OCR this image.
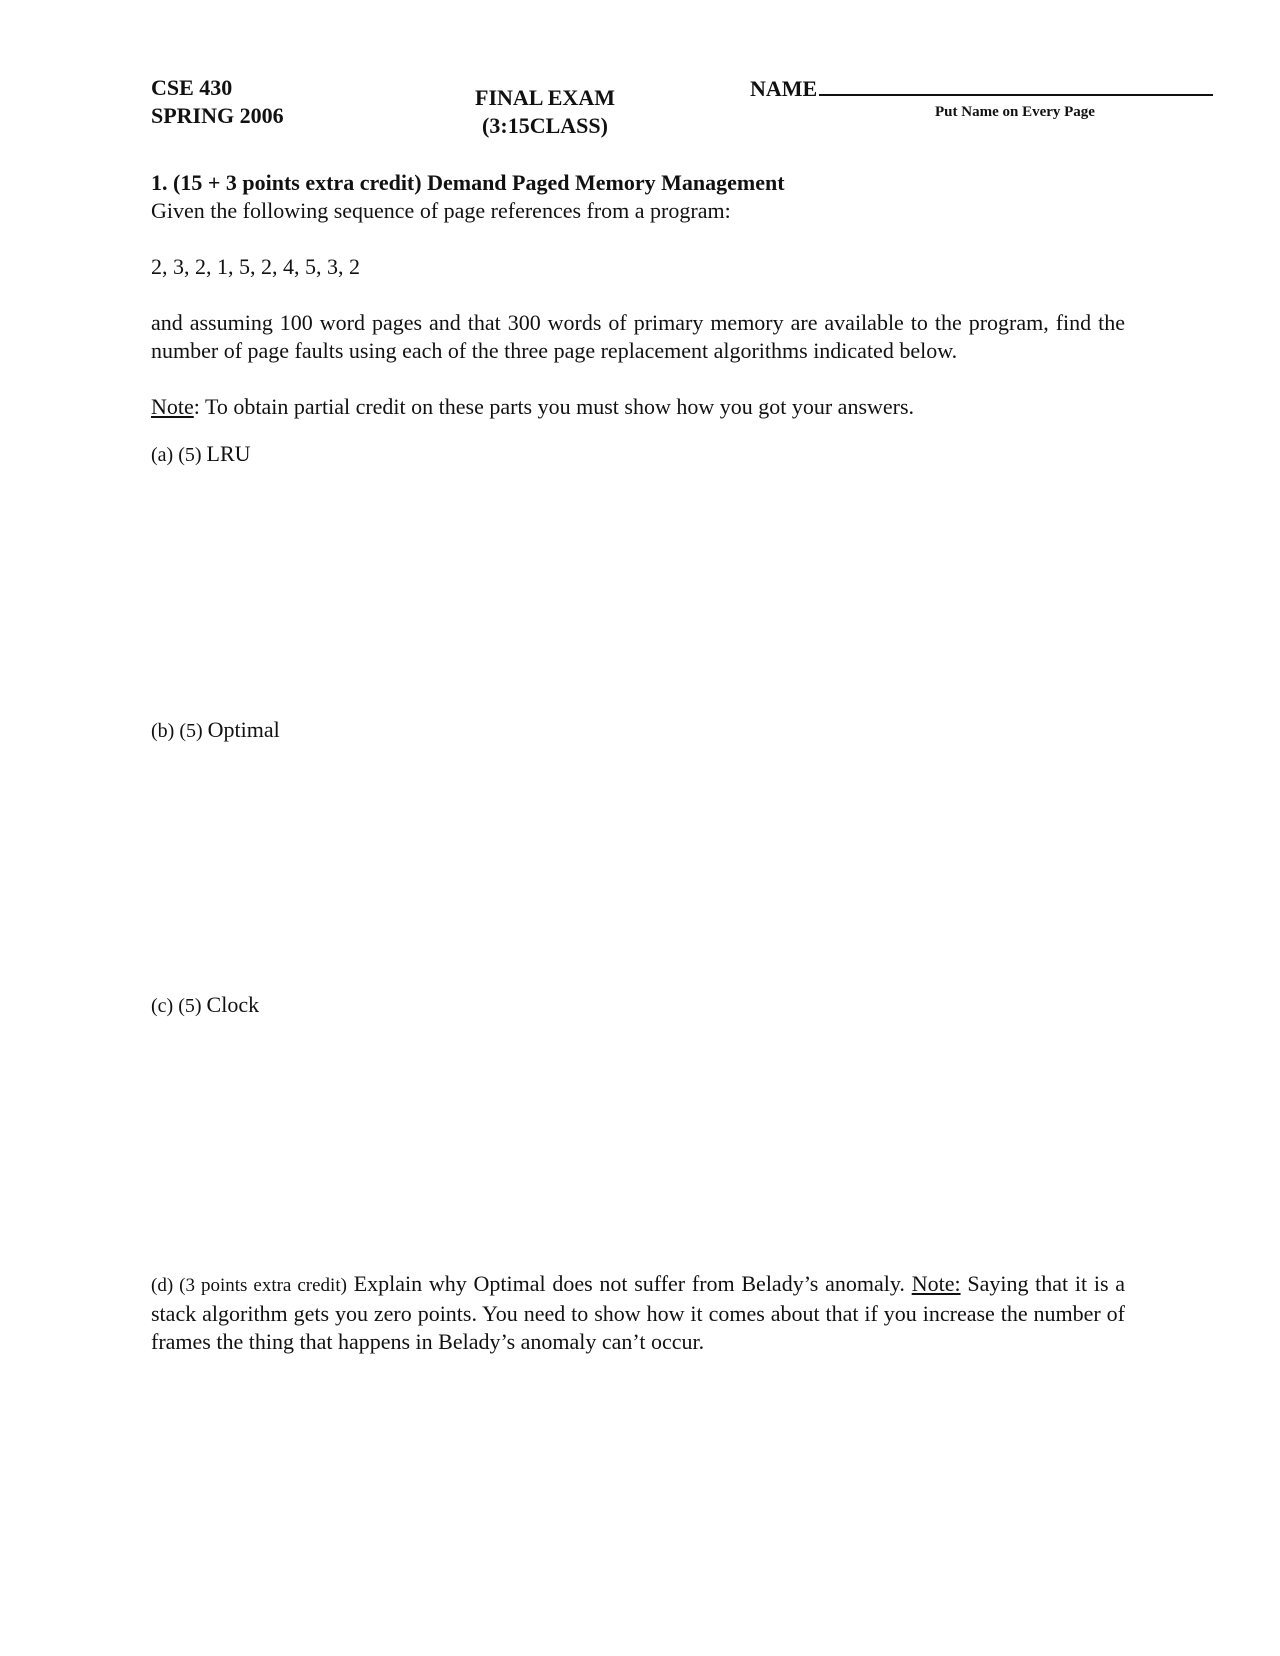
CSE 430
SPRING 2006
FINAL EXAM
(3:15CLASS)
NAME
Put Name on Every Page
1. (15 + 3 points extra credit) Demand Paged Memory Management
Given the following sequence of page references from a program:
2, 3, 2, 1, 5, 2, 4, 5, 3, 2
and assuming 100 word pages and that 300 words of primary memory are available to the program, find the number of page faults using each of the three page replacement algorithms indicated below.
Note: To obtain partial credit on these parts you must show how you got your answers.
(a) (5) LRU
(b) (5) Optimal
(c) (5) Clock
(d) (3 points extra credit) Explain why Optimal does not suffer from Belady’s anomaly. Note: Saying that it is a stack algorithm gets you zero points. You need to show how it comes about that if you increase the number of frames the thing that happens in Belady’s anomaly can’t occur.
